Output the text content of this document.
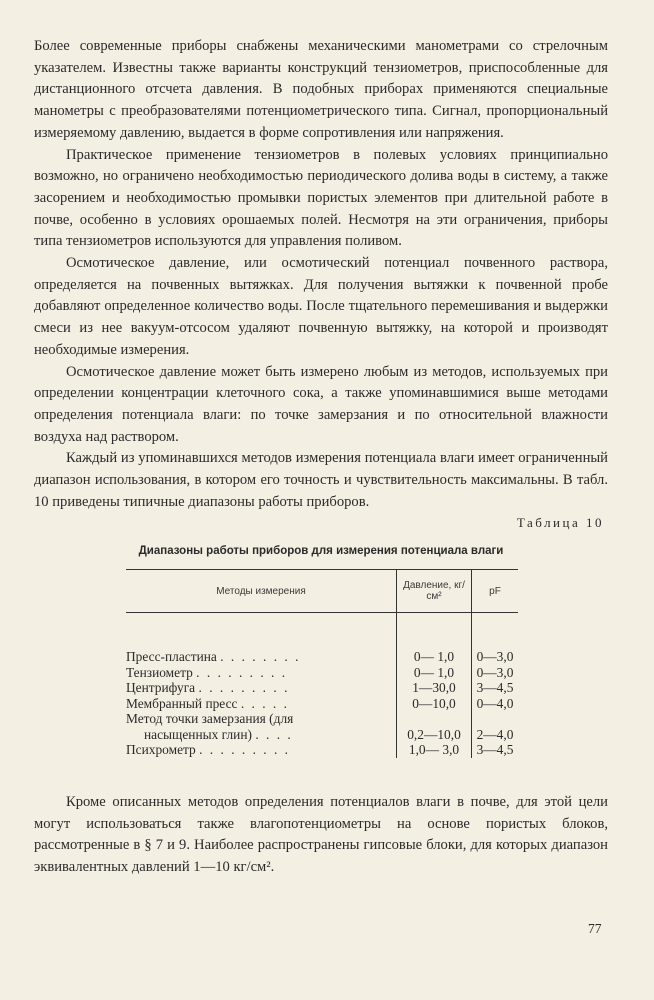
Более современные приборы снабжены механическими манометрами со стрелочным указателем. Известны также варианты конструкций тензиометров, приспособленные для дистанционного отсчета давления. В подобных приборах применяются специальные манометры с преобразователями потенциометрического типа. Сигнал, пропорциональный измеряемому давлению, выдается в форме сопротивления или напряжения.

Практическое применение тензиометров в полевых условиях принципиально возможно, но ограничено необходимостью периодического долива воды в систему, а также засорением и необходимостью промывки пористых элементов при длительной работе в почве, особенно в условиях орошаемых полей. Несмотря на эти ограничения, приборы типа тензиометров используются для управления поливом.

Осмотическое давление, или осмотический потенциал почвенного раствора, определяется на почвенных вытяжках. Для получения вытяжки к почвенной пробе добавляют определенное количество воды. После тщательного перемешивания и выдержки смеси из нее вакуум-отсосом удаляют почвенную вытяжку, на которой и производят необходимые измерения.

Осмотическое давление может быть измерено любым из методов, используемых при определении концентрации клеточного сока, а также упоминавшимися выше методами определения потенциала влаги: по точке замерзания и по относительной влажности воздуха над раствором.

Каждый из упоминавшихся методов измерения потенциала влаги имеет ограниченный диапазон использования, в котором его точность и чувствительность максимальны. В табл. 10 приведены типичные диапазоны работы приборов.

Таблица 10
Диапазоны работы приборов для измерения потенциала влаги
Методы измерения	Давление, кг/см²	pF

Пресс-пластина . . . . . . . .	0— 1,0	0—3,0
Тензиометр . . . . . . . . .	0— 1,0	0—3,0
Центрифуга . . . . . . . . .	1—30,0	3—4,5
Мембранный пресс . . . . .	0—10,0	0—4,0
Метод точки замерзания (для		
насыщенных глин) . . . .	0,2—10,0	2—4,0
Психрометр . . . . . . . . .	1,0— 3,0	3—4,5

Кроме описанных методов определения потенциалов влаги в почве, для этой цели могут использоваться также влагопотенциометры на основе пористых блоков, рассмотренные в § 7 и 9. Наиболее распространены гипсовые блоки, для которых диапазон эквивалентных давлений 1—10 кг/см².

77
